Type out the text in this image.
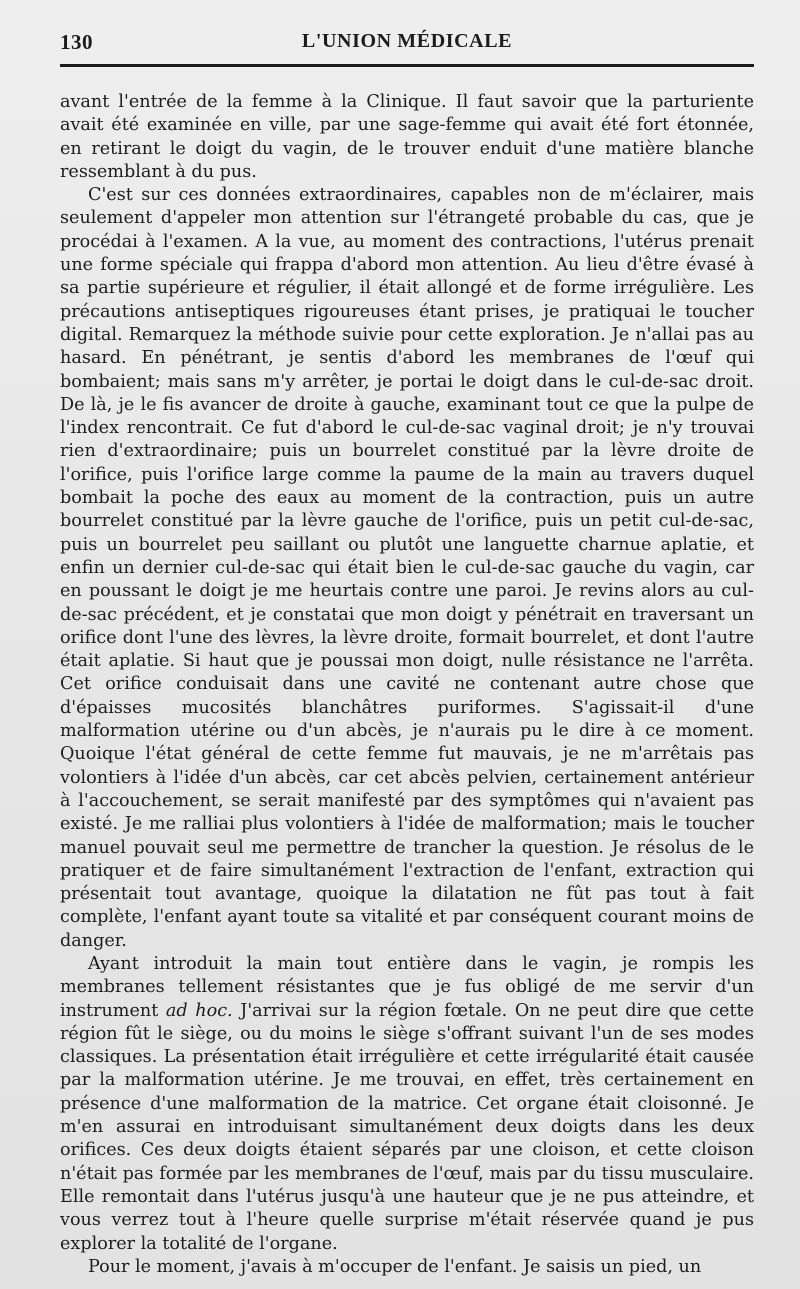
130	L'UNION MÉDICALE

avant l'entrée de la femme à la Clinique. Il faut savoir que la parturiente avait été examinée en ville, par une sage-femme qui avait été fort étonnée, en retirant le doigt du vagin, de le trouver enduit d'une matière blanche ressemblant à du pus.

C'est sur ces données extraordinaires, capables non de m'éclairer, mais seulement d'appeler mon attention sur l'étrangeté probable du cas, que je procédai à l'examen. A la vue, au moment des contractions, l'utérus prenait une forme spéciale qui frappa d'abord mon attention. Au lieu d'être évasé à sa partie supérieure et régulier, il était allongé et de forme irrégulière. Les précautions antiseptiques rigoureuses étant prises, je pratiquai le toucher digital. Remarquez la méthode suivie pour cette exploration. Je n'allai pas au hasard. En pénétrant, je sentis d'abord les membranes de l'œuf qui bombaient; mais sans m'y arrêter, je portai le doigt dans le cul-de-sac droit. De là, je le fis avancer de droite à gauche, examinant tout ce que la pulpe de l'index rencontrait. Ce fut d'abord le cul-de-sac vaginal droit; je n'y trouvai rien d'extraordinaire; puis un bourrelet constitué par la lèvre droite de l'orifice, puis l'orifice large comme la paume de la main au travers duquel bombait la poche des eaux au moment de la contraction, puis un autre bourrelet constitué par la lèvre gauche de l'orifice, puis un petit cul-de-sac, puis un bourrelet peu saillant ou plutôt une languette charnue aplatie, et enfin un dernier cul-de-sac qui était bien le cul-de-sac gauche du vagin, car en poussant le doigt je me heurtais contre une paroi. Je revins alors au cul-de-sac précédent, et je constatai que mon doigt y pénétrait en traversant un orifice dont l'une des lèvres, la lèvre droite, formait bourrelet, et dont l'autre était aplatie. Si haut que je poussai mon doigt, nulle résistance ne l'arrêta. Cet orifice conduisait dans une cavité ne contenant autre chose que d'épaisses mucosités blanchâtres puriformes. S'agissait-il d'une malformation utérine ou d'un abcès, je n'aurais pu le dire à ce moment. Quoique l'état général de cette femme fut mauvais, je ne m'arrêtais pas volontiers à l'idée d'un abcès, car cet abcès pelvien, certainement antérieur à l'accouchement, se serait manifesté par des symptômes qui n'avaient pas existé. Je me ralliai plus volontiers à l'idée de malformation; mais le toucher manuel pouvait seul me permettre de trancher la question. Je résolus de le pratiquer et de faire simultanément l'extraction de l'enfant, extraction qui présentait tout avantage, quoique la dilatation ne fût pas tout à fait complète, l'enfant ayant toute sa vitalité et par conséquent courant moins de danger.

Ayant introduit la main tout entière dans le vagin, je rompis les membranes tellement résistantes que je fus obligé de me servir d'un instrument ad hoc. J'arrivai sur la région fœtale. On ne peut dire que cette région fût le siège, ou du moins le siège s'offrant suivant l'un de ses modes classiques. La présentation était irrégulière et cette irrégularité était causée par la malformation utérine. Je me trouvai, en effet, très certainement en présence d'une malformation de la matrice. Cet organe était cloisonné. Je m'en assurai en introduisant simultanément deux doigts dans les deux orifices. Ces deux doigts étaient séparés par une cloison, et cette cloison n'était pas formée par les membranes de l'œuf, mais par du tissu musculaire. Elle remontait dans l'utérus jusqu'à une hauteur que je ne pus atteindre, et vous verrez tout à l'heure quelle surprise m'était réservée quand je pus explorer la totalité de l'organe.

Pour le moment, j'avais à m'occuper de l'enfant. Je saisis un pied, un
